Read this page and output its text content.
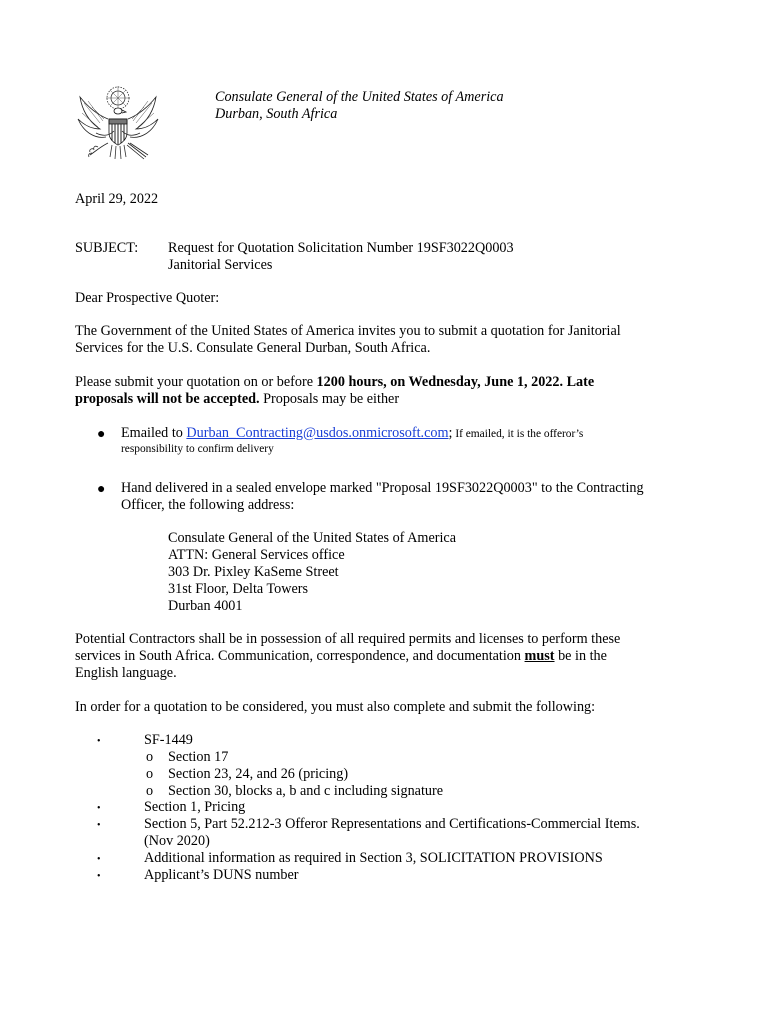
Consulate General of the United States of America
Durban, South Africa
April 29, 2022
SUBJECT: Request for Quotation Solicitation Number 19SF3022Q0003
Janitorial Services
Dear Prospective Quoter:
The Government of the United States of America invites you to submit a quotation for Janitorial
Services for the U.S. Consulate General Durban, South Africa.
Please submit your quotation on or before 1200 hours, on Wednesday, June 1, 2022. Late
proposals will not be accepted. Proposals may be either
● Emailed to Durban_Contracting@usdos.onmicrosoft.com; If emailed, it is the offeror’s
responsibility to confirm delivery
● Hand delivered in a sealed envelope marked "Proposal 19SF3022Q0003" to the Contracting
Officer, the following address:
Consulate General of the United States of America
ATTN: General Services office
303 Dr. Pixley KaSeme Street
31st Floor, Delta Towers
Durban 4001
Potential Contractors shall be in possession of all required permits and licenses to perform these
services in South Africa. Communication, correspondence, and documentation must be in the
English language.
In order for a quotation to be considered, you must also complete and submit the following:
•	SF-1449
o Section 17
o Section 23, 24, and 26 (pricing)
o Section 30, blocks a, b and c including signature
•	Section 1, Pricing
•	Section 5, Part 52.212-3 Offeror Representations and Certifications-Commercial Items.
(Nov 2020)
•	Additional information as required in Section 3, SOLICITATION PROVISIONS
•	Applicant’s DUNS number
